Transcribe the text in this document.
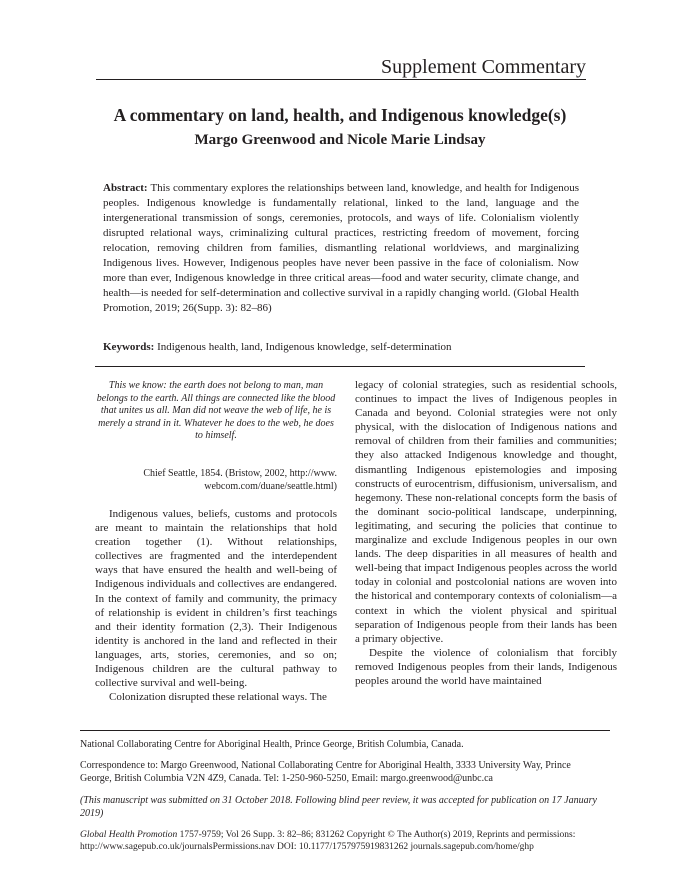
Supplement Commentary
A commentary on land, health, and Indigenous knowledge(s)
Margo Greenwood and Nicole Marie Lindsay
Abstract: This commentary explores the relationships between land, knowledge, and health for Indigenous peoples. Indigenous knowledge is fundamentally relational, linked to the land, language and the intergenerational transmission of songs, ceremonies, protocols, and ways of life. Colonialism violently disrupted relational ways, criminalizing cultural practices, restricting freedom of movement, forcing relocation, removing children from families, dismantling relational worldviews, and marginalizing Indigenous lives. However, Indigenous peoples have never been passive in the face of colonialism. Now more than ever, Indigenous knowledge in three critical areas—food and water security, climate change, and health—is needed for self-determination and collective survival in a rapidly changing world. (Global Health Promotion, 2019; 26(Supp. 3): 82–86)
Keywords: Indigenous health, land, Indigenous knowledge, self-determination
This we know: the earth does not belong to man, man belongs to the earth. All things are connected like the blood that unites us all. Man did not weave the web of life, he is merely a strand in it. Whatever he does to the web, he does to himself.
Chief Seattle, 1854. (Bristow, 2002, http://www.
webcom.com/duane/seattle.html)

Indigenous values, beliefs, customs and protocols are meant to maintain the relationships that hold creation together (1). Without relationships, collectives are fragmented and the interdependent ways that have ensured the health and well-being of Indigenous individuals and collectives are endangered. In the context of family and community, the primacy of relationship is evident in children’s first teachings and their identity formation (2,3). Their Indigenous identity is anchored in the land and reflected in their languages, arts, stories, ceremonies, and so on; Indigenous children are the cultural pathway to collective survival and well-being.

Colonization disrupted these relational ways. The

legacy of colonial strategies, such as residential schools, continues to impact the lives of Indigenous peoples in Canada and beyond. Colonial strategies were not only physical, with the dislocation of Indigenous nations and removal of children from their families and communities; they also attacked Indigenous knowledge and thought, dismantling Indigenous epistemologies and imposing constructs of eurocentrism, diffusionism, universalism, and hegemony. These non-relational concepts form the basis of the dominant socio-political landscape, underpinning, legitimating, and securing the policies that continue to marginalize and exclude Indigenous peoples in our own lands. The deep disparities in all measures of health and well-being that impact Indigenous peoples across the world today in colonial and postcolonial nations are woven into the historical and contemporary contexts of colonialism—a context in which the violent physical and spiritual separation of Indigenous people from their lands has been a primary objective.

Despite the violence of colonialism that forcibly removed Indigenous peoples from their lands, Indigenous peoples around the world have maintained

National Collaborating Centre for Aboriginal Health, Prince George, British Columbia, Canada.
Correspondence to: Margo Greenwood, National Collaborating Centre for Aboriginal Health, 3333 University Way, Prince George, British Columbia V2N 4Z9, Canada. Tel: 1-250-960-5250, Email: margo.greenwood@unbc.ca
(This manuscript was submitted on 31 October 2018. Following blind peer review, it was accepted for publication on 17 January 2019)
Global Health Promotion 1757-9759; Vol 26 Supp. 3: 82–86; 831262 Copyright © The Author(s) 2019, Reprints and permissions: http://www.sagepub.co.uk/journalsPermissions.nav DOI: 10.1177/1757975919831262 journals.sagepub.com/home/ghp
